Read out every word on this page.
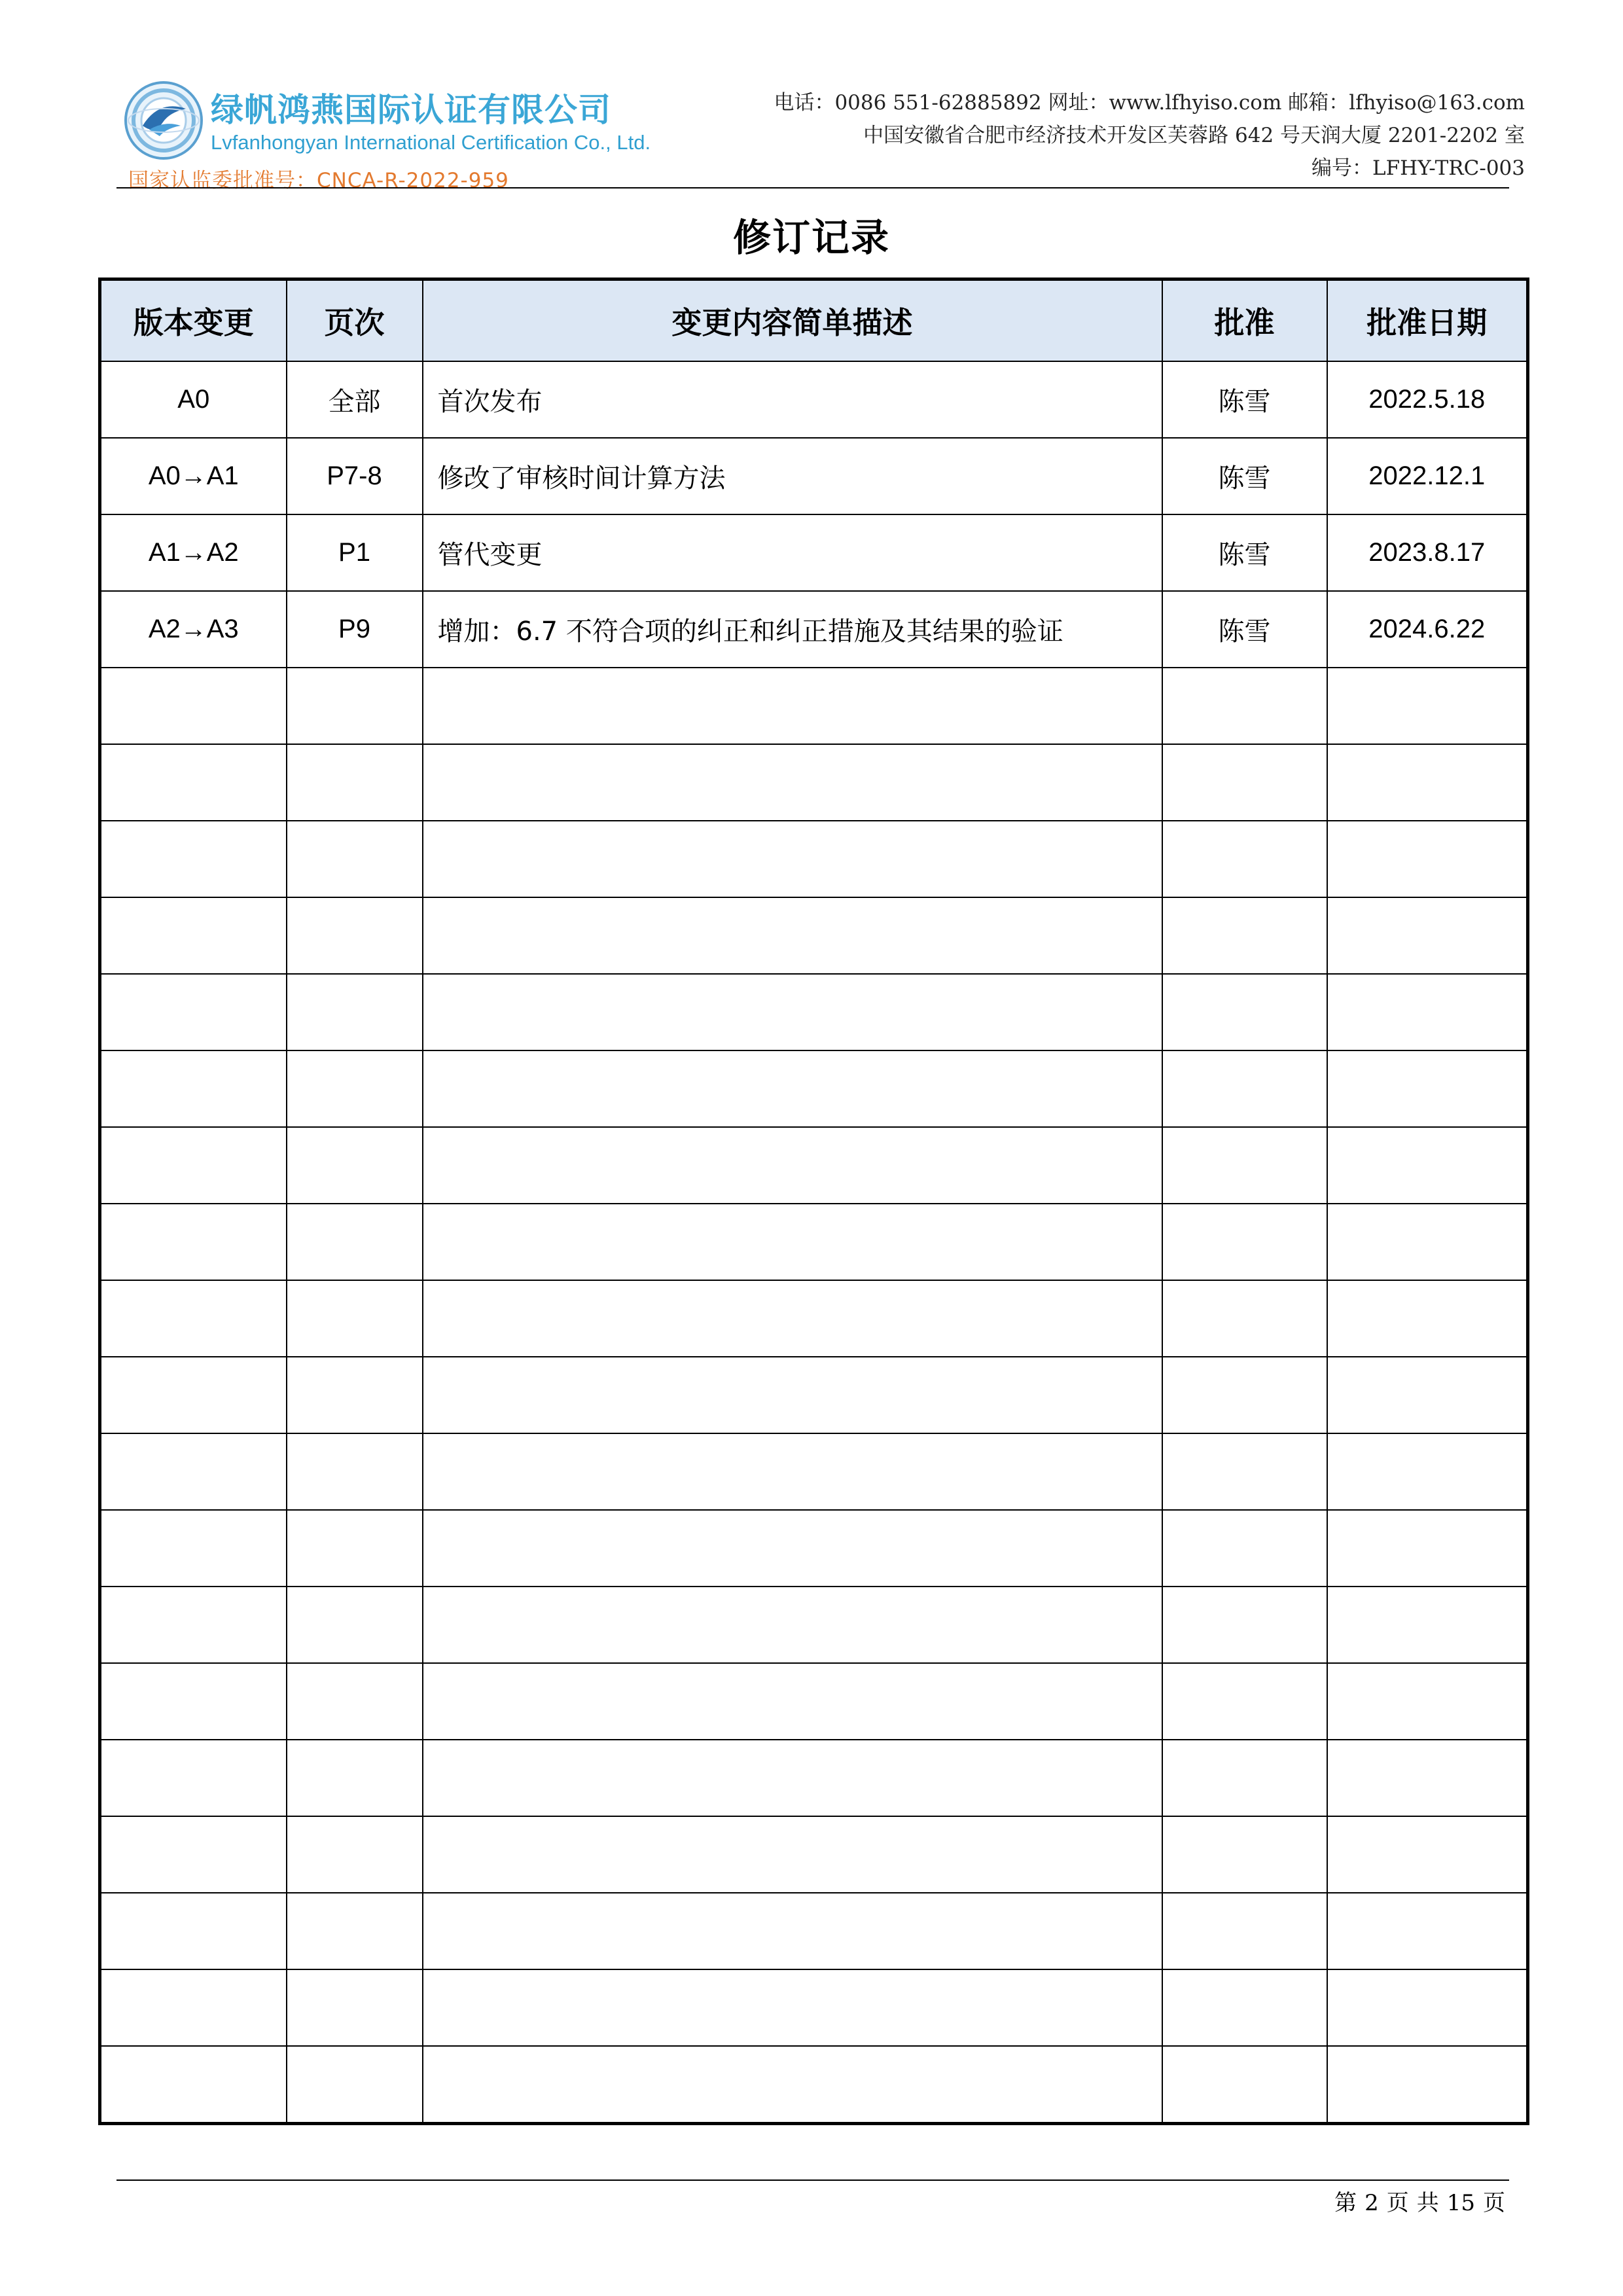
绿帆鸿燕国际认证有限公司
Lvfanhongyan International Certification Co., Ltd.
国家认监委批准号：CNCA-R-2022-959
电话：0086 551-62885892 网址：www.lfhyiso.com 邮箱：lfhyiso@163.com
中国安徽省合肥市经济技术开发区芙蓉路 642 号天润大厦 2201-2202 室
编号：LFHY-TRC-003
修订记录
版本变更	页次	变更内容简单描述	批准	批准日期
A0	全部	首次发布	陈雪	2022.5.18
A0→A1	P7-8	修改了审核时间计算方法	陈雪	2022.12.1
A1→A2	P1	管代变更	陈雪	2023.8.17
A2→A3	P9	增加：6.7 不符合项的纠正和纠正措施及其结果的验证	陈雪	2024.6.22

第 2 页 共 15 页
